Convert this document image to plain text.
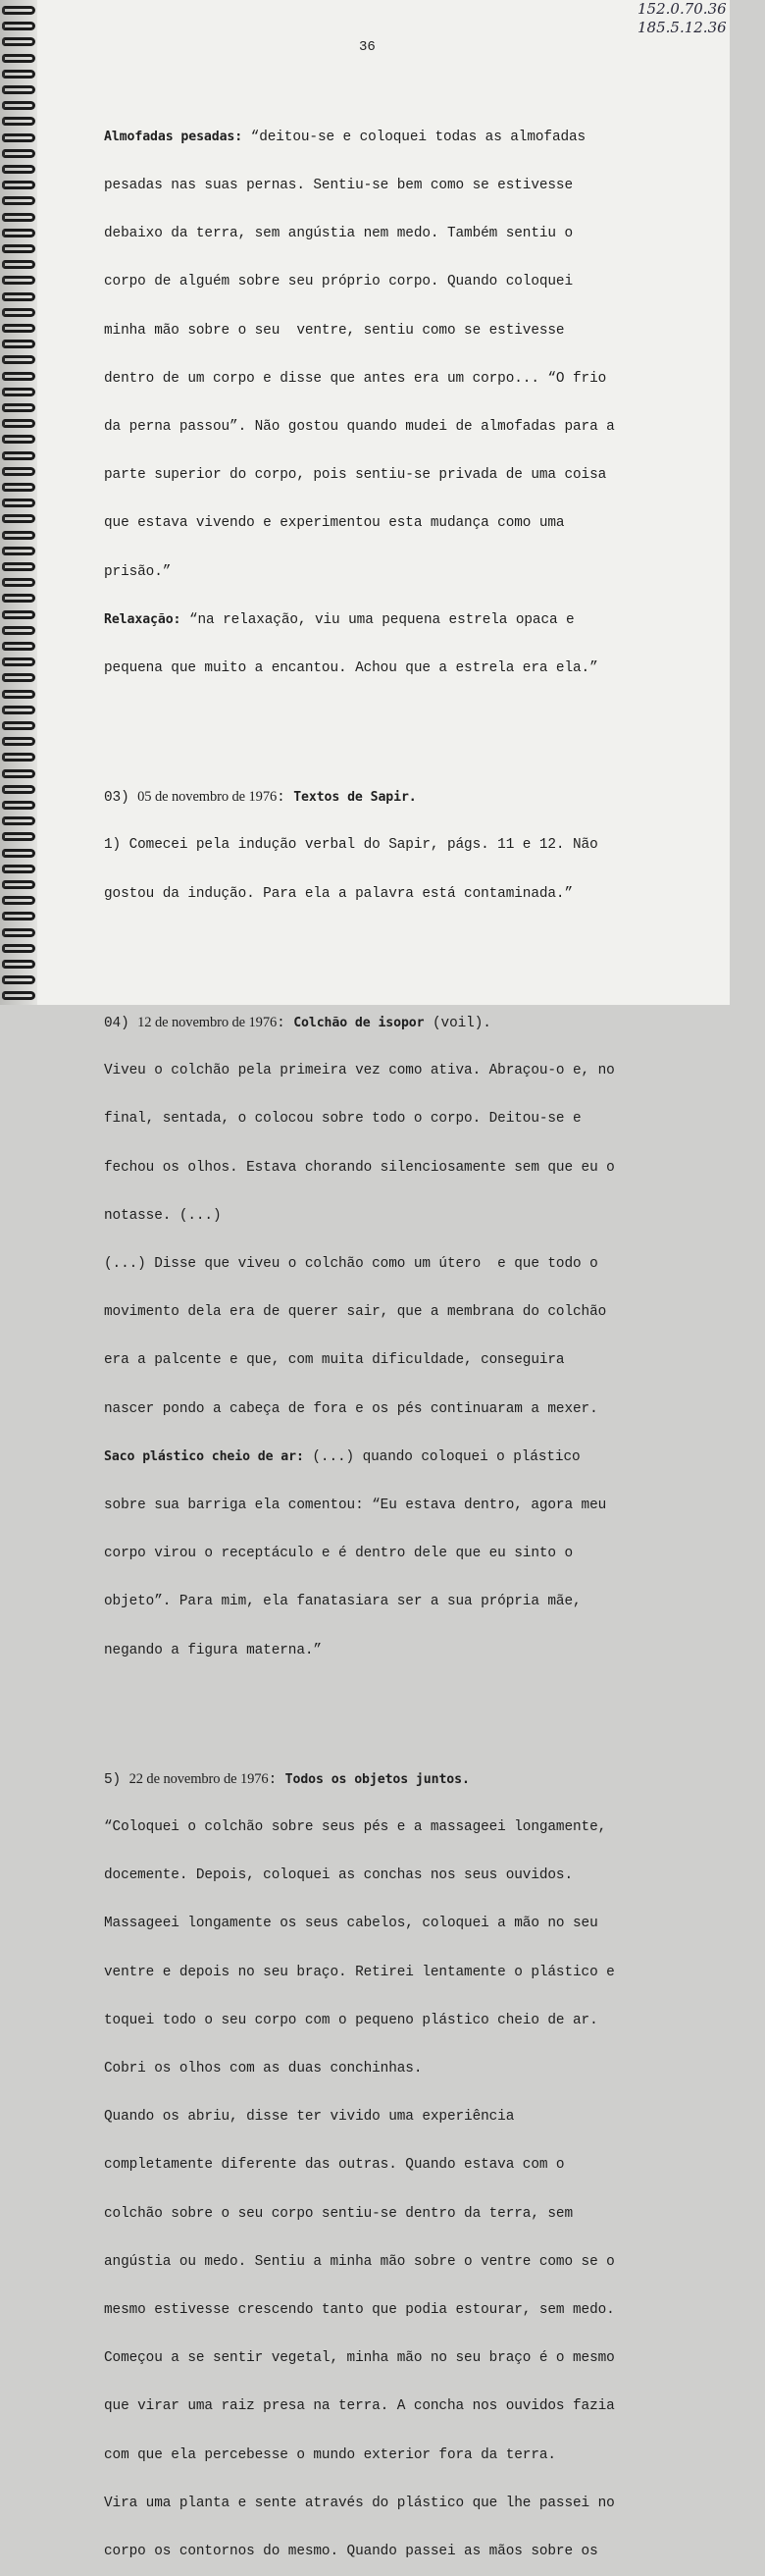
152.0.70.36
185.5.12.36
36

Almofadas pesadas: “deitou-se e coloquei todas as almofadas

pesadas nas suas pernas. Sentiu-se bem como se estivesse

debaixo da terra, sem angústia nem medo. Também sentiu o

corpo de alguém sobre seu próprio corpo. Quando coloquei

minha mão sobre o seu  ventre, sentiu como se estivesse

dentro de um corpo e disse que antes era um corpo... “O frio

da perna passou”. Não gostou quando mudei de almofadas para a

parte superior do corpo, pois sentiu-se privada de uma coisa

que estava vivendo e experimentou esta mudança como uma

prisão.”

Relaxação: “na relaxação, viu uma pequena estrela opaca e

pequena que muito a encantou. Achou que a estrela era ela.”

03) 05 de novembro de 1976: Textos de Sapir.

1) Comecei pela indução verbal do Sapir, págs. 11 e 12. Não

gostou da indução. Para ela a palavra está contaminada.”

04) 12 de novembro de 1976: Colchão de isopor (voil).

Viveu o colchão pela primeira vez como ativa. Abraçou-o e, no

final, sentada, o colocou sobre todo o corpo. Deitou-se e

fechou os olhos. Estava chorando silenciosamente sem que eu o

notasse. (...)

(...) Disse que viveu o colchão como um útero  e que todo o

movimento dela era de querer sair, que a membrana do colchão

era a palcente e que, com muita dificuldade, conseguira

nascer pondo a cabeça de fora e os pés continuaram a mexer.

Saco plástico cheio de ar: (...) quando coloquei o plástico

sobre sua barriga ela comentou: “Eu estava dentro, agora meu

corpo virou o receptáculo e é dentro dele que eu sinto o

objeto”. Para mim, ela fanatasiara ser a sua própria mãe,

negando a figura materna.”

5) 22 de novembro de 1976: Todos os objetos juntos.

“Coloquei o colchão sobre seus pés e a massageei longamente,

docemente. Depois, coloquei as conchas nos seus ouvidos.

Massageei longamente os seus cabelos, coloquei a mão no seu

ventre e depois no seu braço. Retirei lentamente o plástico e

toquei todo o seu corpo com o pequeno plástico cheio de ar.

Cobri os olhos com as duas conchinhas.

Quando os abriu, disse ter vivido uma experiência

completamente diferente das outras. Quando estava com o

colchão sobre o seu corpo sentiu-se dentro da terra, sem

angústia ou medo. Sentiu a minha mão sobre o ventre como se o

mesmo estivesse crescendo tanto que podia estourar, sem medo.

Começou a se sentir vegetal, minha mão no seu braço é o mesmo

que virar uma raiz presa na terra. A concha nos ouvidos fazia

com que ela percebesse o mundo exterior fora da terra.

Vira uma planta e sente através do plástico que lhe passei no

corpo os contornos do mesmo. Quando passei as mãos sobre os
